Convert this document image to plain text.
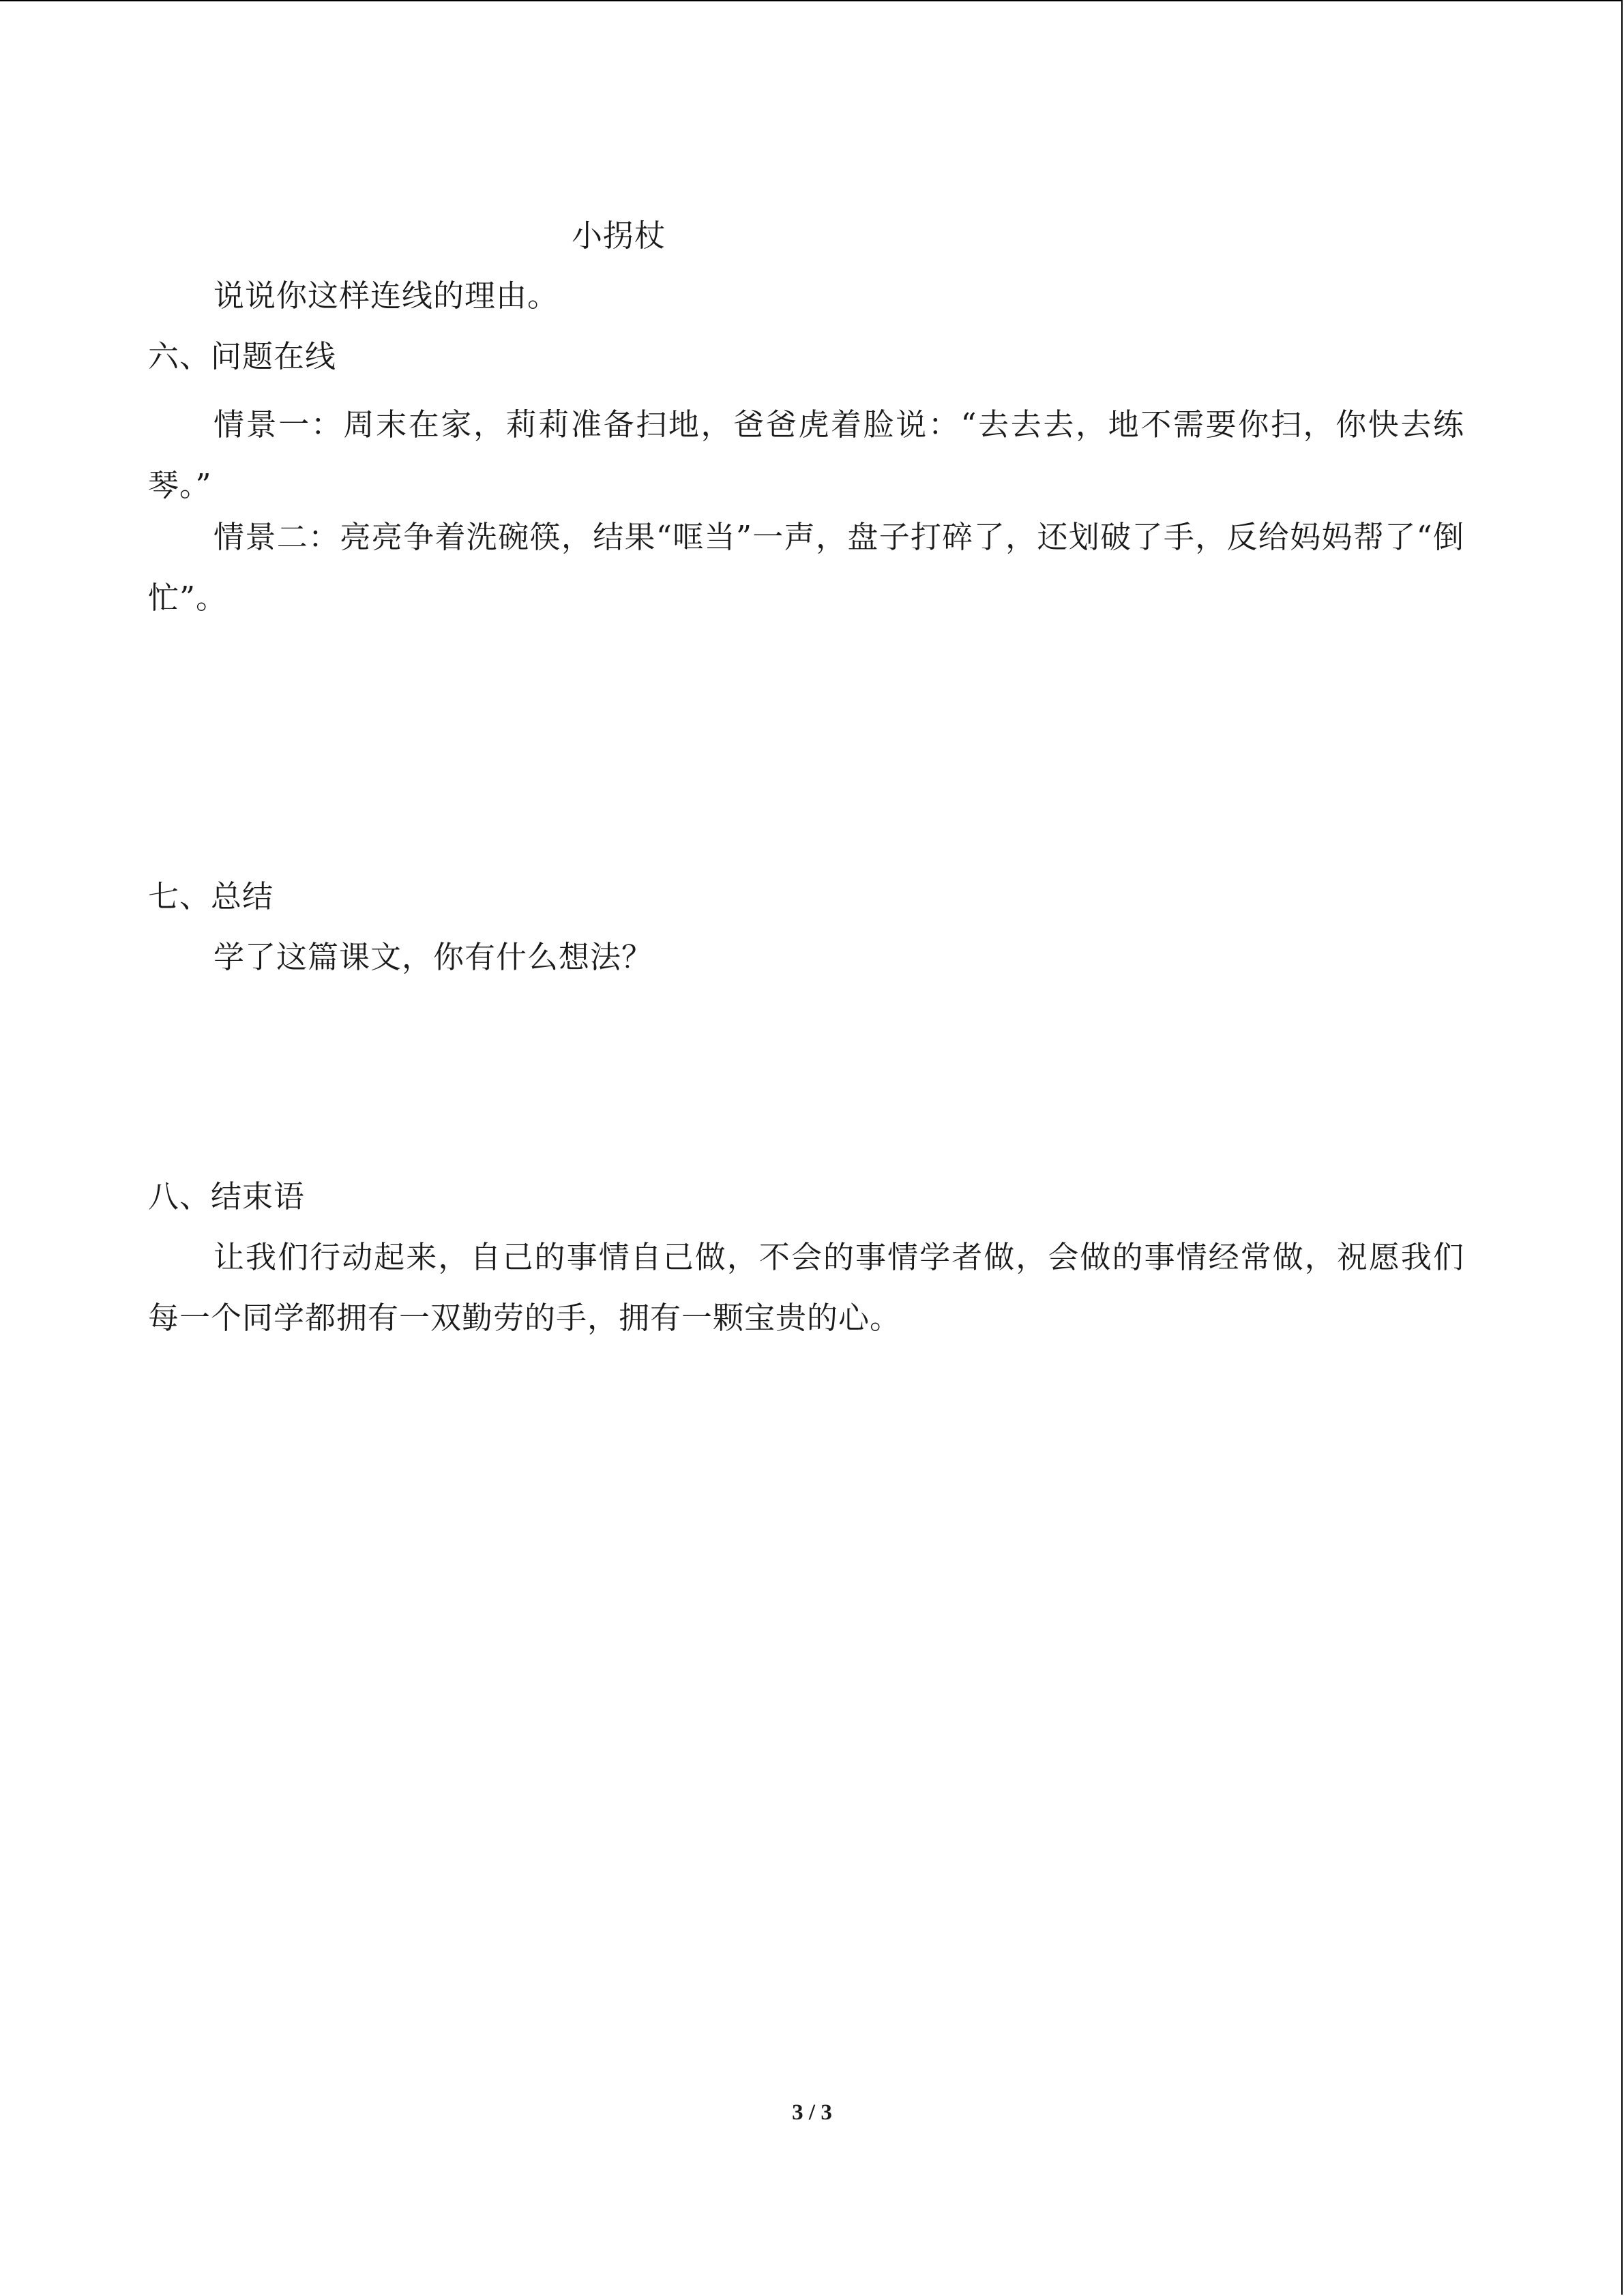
小拐杖
说说你这样连线的理由。
六、问题在线
情景一：周末在家，莉莉准备扫地，爸爸虎着脸说：“去去去，地不需要你扫，你快去练琴。”
情景二：亮亮争着洗碗筷，结果“哐当”一声，盘子打碎了，还划破了手，反给妈妈帮了“倒忙”。
七、总结
学了这篇课文，你有什么想法？
八、结束语
让我们行动起来，自己的事情自己做，不会的事情学者做，会做的事情经常做，祝愿我们每一个同学都拥有一双勤劳的手，拥有一颗宝贵的心。
3 / 3
